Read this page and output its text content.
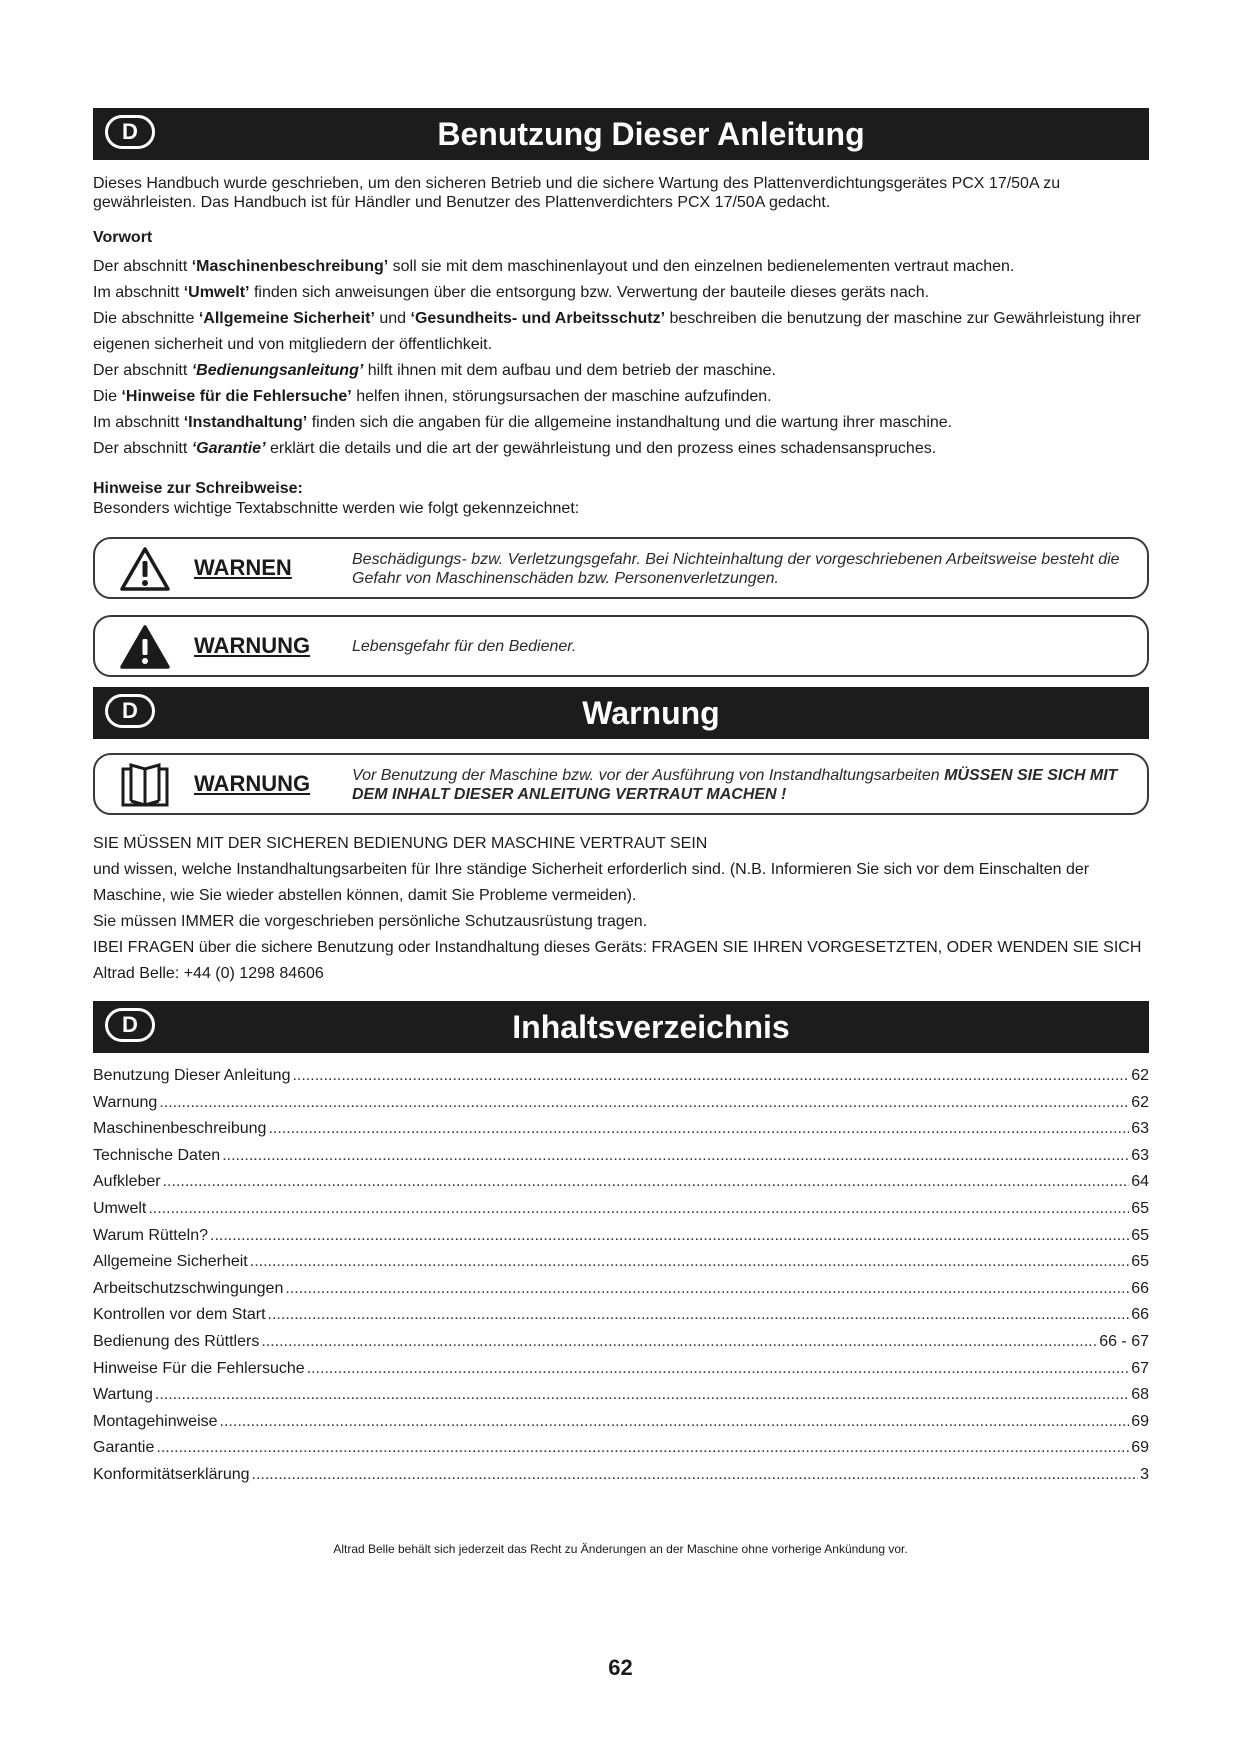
D	Benutzung Dieser Anleitung
Dieses Handbuch wurde geschrieben, um den sicheren Betrieb und die sichere Wartung des Plattenverdichtungsgerätes PCX 17/50A zu gewährleisten. Das Handbuch ist für Händler und Benutzer des Plattenverdichters PCX 17/50A gedacht.
Vorwort
Der abschnitt ‘Maschinenbeschreibung’ soll sie mit dem maschinenlayout und den einzelnen bedienelementen vertraut machen.
Im abschnitt ‘Umwelt’ finden sich anweisungen über die entsorgung bzw. Verwertung der bauteile dieses geräts nach.
Die abschnitte ‘Allgemeine Sicherheit’ und ‘Gesundheits- und Arbeitsschutz’ beschreiben die benutzung der maschine zur Gewährleistung ihrer eigenen sicherheit und von mitgliedern der öffentlichkeit.
Der abschnitt ‘Bedienungsanleitung’ hilft ihnen mit dem aufbau und dem betrieb der maschine.
Die ‘Hinweise für die Fehlersuche’ helfen ihnen, störungsursachen der maschine aufzufinden.
Im abschnitt ‘Instandhaltung’ finden sich die angaben für die allgemeine instandhaltung und die wartung ihrer maschine.
Der abschnitt ‘Garantie’ erklärt die details und die art der gewährleistung und den prozess eines schadensanspruches.
Hinweise zur Schreibweise:
Besonders wichtige Textabschnitte werden wie folgt gekennzeichnet:
WARNEN	Beschädigungs- bzw. Verletzungsgefahr. Bei Nichteinhaltung der vorgeschriebenen Arbeitsweise besteht die Gefahr von Maschinenschäden bzw. Personenverletzungen.
WARNUNG	Lebensgefahr für den Bediener.
D	Warnung
WARNUNG	Vor Benutzung der Maschine bzw. vor der Ausführung von Instandhaltungsarbeiten MÜSSEN SIE SICH MIT DEM INHALT DIESER ANLEITUNG VERTRAUT MACHEN !
SIE MÜSSEN MIT DER SICHEREN BEDIENUNG DER MASCHINE VERTRAUT SEIN
und wissen, welche Instandhaltungsarbeiten für Ihre ständige Sicherheit erforderlich sind. (N.B. Informieren Sie sich vor dem Einschalten der Maschine, wie Sie wieder abstellen können, damit Sie Probleme vermeiden).
Sie müssen IMMER die vorgeschrieben persönliche Schutzausrüstung tragen.
IBEI FRAGEN über die sichere Benutzung oder Instandhaltung dieses Geräts: FRAGEN SIE IHREN VORGESETZTEN, ODER WENDEN SIE SICH Altrad Belle: +44 (0) 1298 84606
D	Inhaltsverzeichnis
Benutzung Dieser Anleitung .....	62
Warnung .....	62
Maschinenbeschreibung .....	63
Technische Daten .....	63
Aufkleber .....	64
Umwelt .....	65
Warum Rütteln? .....	65
Allgemeine Sicherheit .....	65
Arbeitschutzschwingungen .....	66
Kontrollen vor dem Start .....	66
Bedienung des Rüttlers .....	66 - 67
Hinweise Für die Fehlersuche .....	67
Wartung .....	68
Montagehinweise .....	69
Garantie .....	69
Konformitätserklärung .....	3
Altrad Belle behält sich jederzeit das Recht zu Änderungen an der Maschine ohne vorherige Ankündung vor.
62
